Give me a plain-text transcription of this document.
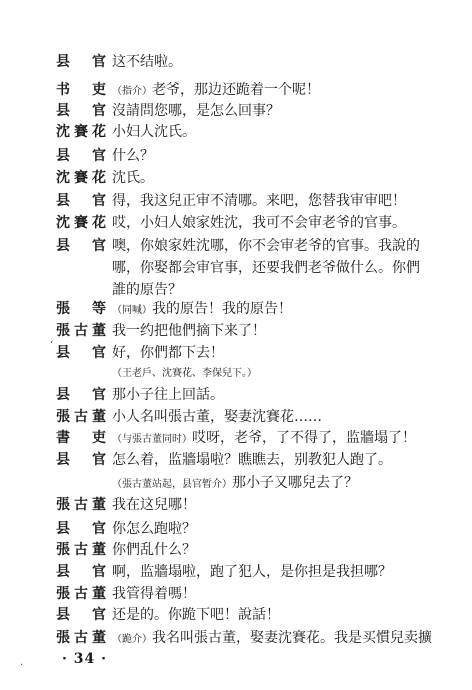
县　官 这不结啦。
书　吏 （指介）老爷，那边还跪着一个呢！
县　官 沒請問您哪，是怎么回事？
沈賽花 小妇人沈氏。
县　官 什么？
沈賽花 沈氏。
县　官 得，我这兒正审不清哪。来吧，您替我审审吧！
沈賽花 哎，小妇人娘家姓沈，我可不会审老爷的官事。
县　官 噢，你娘家姓沈哪，你不会审老爷的官事。我說的
哪，你娶都会审官事，还要我們老爷做什么。你們
誰的原告？
張　等 （同喊）我的原告！我的原告！
張古董 我一约把他們摘下来了！
县　官 好，你們都下去！
（王老戶、沈賽花、李保兒下。）
县　官 那小子往上回話。
張古董 小人名叫張古董，娶妻沈賽花……
書　吏 （与張古董同时）哎呀，老爷，了不得了，监牆塌了！
县　官 怎么着，监牆塌啦？瞧瞧去，别教犯人跑了。
（張古董站起，县官暂介）那小子又哪兒去了？
張古董 我在这兒哪！
县　官 你怎么跑啦？
張古董 你們乱什么？
县　官 啊，监牆塌啦，跑了犯人，是你担是我担哪？
張古董 我管得着嗎！
县　官 还是的。你跪下吧！說話！
張古董 （跪介）我名叫張古董，娶妻沈賽花。我是买慣兒卖擴
· 34 ·
‘
·
